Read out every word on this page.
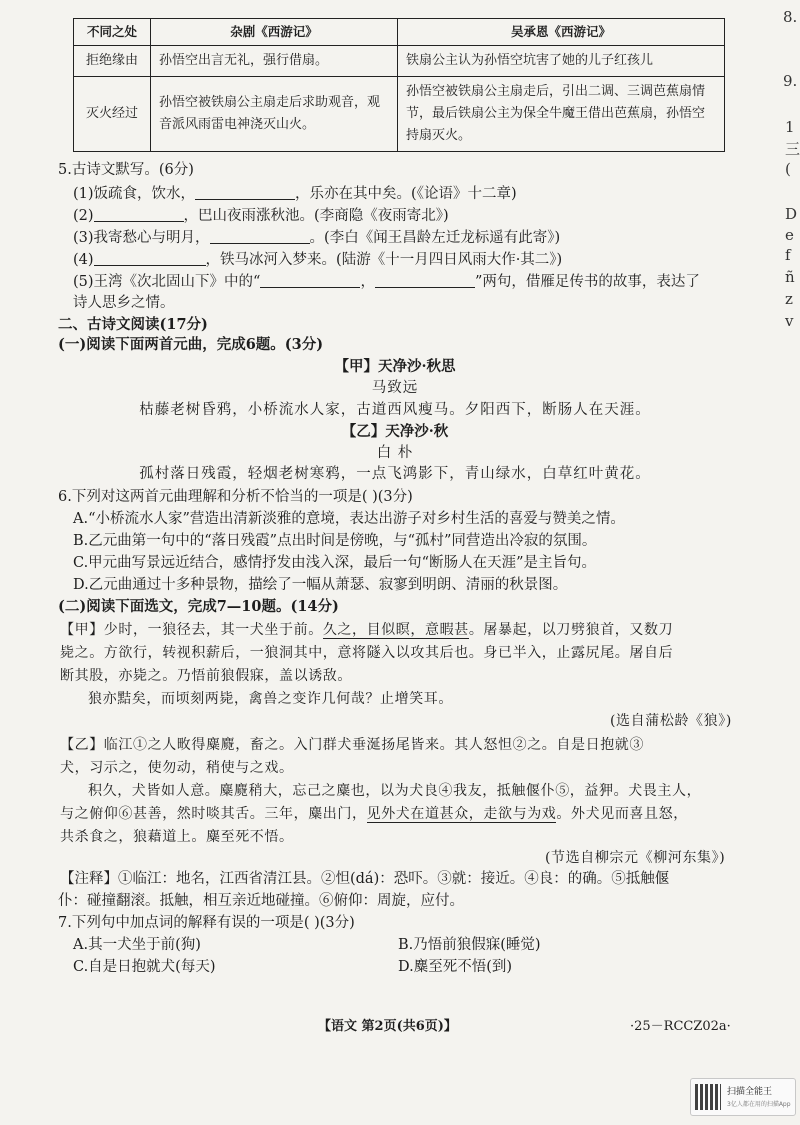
8.
9.
1
三
(
D
e
f
ñ
z
v
不同之处	杂剧《西游记》	吴承恩《西游记》
拒绝缘由	孙悟空出言无礼，强行借扇。	铁扇公主认为孙悟空坑害了她的儿子红孩儿
灭火经过	孙悟空被铁扇公主扇走后求助观音，观音派风雨雷电神浇灭山火。	孙悟空被铁扇公主扇走后，引出二调、三调芭蕉扇情节，最后铁扇公主为保全牛魔王借出芭蕉扇，孙悟空持扇灭火。
5.古诗文默写。(6分)
(1)饭疏食，饮水，	，乐亦在其中矣。(《论语》十二章)
(2)	，巴山夜雨涨秋池。(李商隐《夜雨寄北》)
(3)我寄愁心与明月，	。(李白《闻王昌龄左迁龙标遥有此寄》)
(4)	，铁马冰河入梦来。(陆游《十一月四日风雨大作·其二》)
(5)王湾《次北固山下》中的“	，	”两句，借雁足传书的故事，表达了
诗人思乡之情。
二、古诗文阅读(17分)
(一)阅读下面两首元曲，完成6题。(3分)
【甲】天净沙·秋思
马致远
枯藤老树昏鸦，小桥流水人家，古道西风瘦马。夕阳西下，断肠人在天涯。
【乙】天净沙·秋
白 朴
孤村落日残霞，轻烟老树寒鸦，一点飞鸿影下，青山绿水，白草红叶黄花。
6.下列对这两首元曲理解和分析不恰当的一项是( )(3分)
A.“小桥流水人家”营造出清新淡雅的意境，表达出游子对乡村生活的喜爱与赞美之情。
B.乙元曲第一句中的“落日残霞”点出时间是傍晚，与“孤村”同营造出冷寂的氛围。
C.甲元曲写景远近结合，感情抒发由浅入深，最后一句“断肠人在天涯”是主旨句。
D.乙元曲通过十多种景物，描绘了一幅从萧瑟、寂寥到明朗、清丽的秋景图。
(二)阅读下面选文，完成7—10题。(14分)
【甲】少时，一狼径去，其一犬坐于前。久之，目似瞑，意暇甚。屠暴起，以刀劈狼首，又数刀
毙之。方欲行，转视积薪后，一狼洞其中，意将隧入以攻其后也。身已半入，止露尻尾。屠自后
断其股，亦毙之。乃悟前狼假寐，盖以诱敌。
狼亦黠矣，而顷刻两毙，禽兽之变诈几何哉？止增笑耳。
(选自蒲松龄《狼》)
【乙】临江①之人畋得麋麑，畜之。入门群犬垂涎扬尾皆来。其人怒怛②之。自是日抱就③
犬，习示之，使勿动，稍使与之戏。
积久，犬皆如人意。麋麑稍大，忘己之麋也，以为犬良④我友，抵触偃仆⑤，益狎。犬畏主人，
与之俯仰⑥甚善，然时啖其舌。三年，麋出门，见外犬在道甚众，走欲与为戏。外犬见而喜且怒，
共杀食之，狼藉道上。麋至死不悟。
(节选自柳宗元《柳河东集》)
【注释】①临江：地名，江西省清江县。②怛(dá)：恐吓。③就：接近。④良：的确。⑤抵触偃
仆：碰撞翻滚。抵触，相互亲近地碰撞。⑥俯仰：周旋，应付。
7.下列句中加点词的解释有误的一项是( )(3分)
A.其一犬坐于前(狗)	B.乃悟前狼假寐(睡觉)
C.自是日抱就犬(每天)	D.麋至死不悟(到)
【语文 第2页(共6页)】	·25－RCCZ02a·
扫描全能王
3亿人都在用的扫描App
